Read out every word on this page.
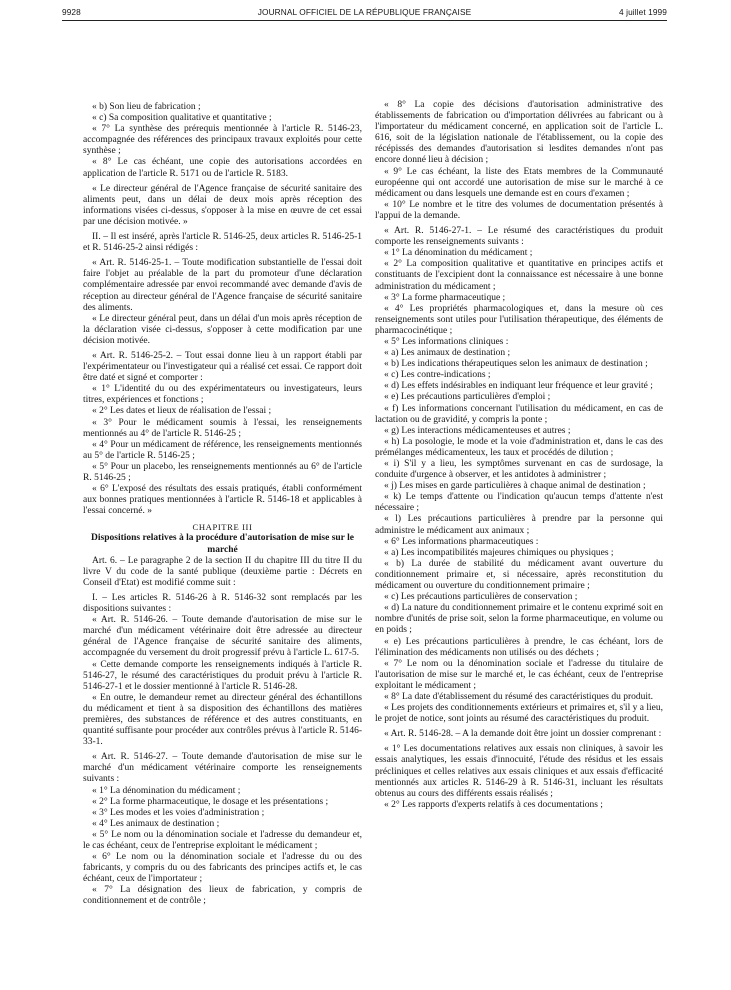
9928	JOURNAL OFFICIEL DE LA RÉPUBLIQUE FRANÇAISE	4 juillet 1999

« b) Son lieu de fabrication ;

« c) Sa composition qualitative et quantitative ;

« 7° La synthèse des prérequis mentionnée à l'article R. 5146-23, accompagnée des références des principaux travaux exploités pour cette synthèse ;

« 8° Le cas échéant, une copie des autorisations accordées en application de l'article R. 5171 ou de l'article R. 5183.

« Le directeur général de l'Agence française de sécurité sanitaire des aliments peut, dans un délai de deux mois après réception des informations visées ci-dessus, s'opposer à la mise en œuvre de cet essai par une décision motivée. »

II. – Il est inséré, après l'article R. 5146-25, deux articles R. 5146-25-1 et R. 5146-25-2 ainsi rédigés :

« Art. R. 5146-25-1. – Toute modification substantielle de l'essai doit faire l'objet au préalable de la part du promoteur d'une déclaration complémentaire adressée par envoi recommandé avec demande d'avis de réception au directeur général de l'Agence française de sécurité sanitaire des aliments.

« Le directeur général peut, dans un délai d'un mois après réception de la déclaration visée ci-dessus, s'opposer à cette modification par une décision motivée.

« Art. R. 5146-25-2. – Tout essai donne lieu à un rapport établi par l'expérimentateur ou l'investigateur qui a réalisé cet essai. Ce rapport doit être daté et signé et comporter :

« 1° L'identité du ou des expérimentateurs ou investigateurs, leurs titres, expériences et fonctions ;

« 2° Les dates et lieux de réalisation de l'essai ;

« 3° Pour le médicament soumis à l'essai, les renseignements mentionnés au 4° de l'article R. 5146-25 ;

« 4° Pour un médicament de référence, les renseignements mentionnés au 5° de l'article R. 5146-25 ;

« 5° Pour un placebo, les renseignements mentionnés au 6° de l'article R. 5146-25 ;

« 6° L'exposé des résultats des essais pratiqués, établi conformément aux bonnes pratiques mentionnées à l'article R. 5146-18 et applicables à l'essai concerné. »

CHAPITRE III

Dispositions relatives à la procédure d'autorisation de mise sur le marché

Art. 6. – Le paragraphe 2 de la section II du chapitre III du titre II du livre V du code de la santé publique (deuxième partie : Décrets en Conseil d'Etat) est modifié comme suit :

I. – Les articles R. 5146-26 à R. 5146-32 sont remplacés par les dispositions suivantes :

« Art. R. 5146-26. – Toute demande d'autorisation de mise sur le marché d'un médicament vétérinaire doit être adressée au directeur général de l'Agence française de sécurité sanitaire des aliments, accompagnée du versement du droit progressif prévu à l'article L. 617-5.

« Cette demande comporte les renseignements indiqués à l'article R. 5146-27, le résumé des caractéristiques du produit prévu à l'article R. 5146-27-1 et le dossier mentionné à l'article R. 5146-28.

« En outre, le demandeur remet au directeur général des échantillons du médicament et tient à sa disposition des échantillons des matières premières, des substances de référence et des autres constituants, en quantité suffisante pour procéder aux contrôles prévus à l'article R. 5146-33-1.

« Art. R. 5146-27. – Toute demande d'autorisation de mise sur le marché d'un médicament vétérinaire comporte les renseignements suivants :

« 1° La dénomination du médicament ;

« 2° La forme pharmaceutique, le dosage et les présentations ;

« 3° Les modes et les voies d'administration ;

« 4° Les animaux de destination ;

« 5° Le nom ou la dénomination sociale et l'adresse du demandeur et, le cas échéant, ceux de l'entreprise exploitant le médicament ;

« 6° Le nom ou la dénomination sociale et l'adresse du ou des fabricants, y compris du ou des fabricants des principes actifs et, le cas échéant, ceux de l'importateur ;

« 7° La désignation des lieux de fabrication, y compris de conditionnement et de contrôle ;

« 8° La copie des décisions d'autorisation administrative des établissements de fabrication ou d'importation délivrées au fabricant ou à l'importateur du médicament concerné, en application soit de l'article L. 616, soit de la législation nationale de l'établissement, ou la copie des récépissés des demandes d'autorisation si lesdites demandes n'ont pas encore donné lieu à décision ;

« 9° Le cas échéant, la liste des Etats membres de la Communauté européenne qui ont accordé une autorisation de mise sur le marché à ce médicament ou dans lesquels une demande est en cours d'examen ;

« 10° Le nombre et le titre des volumes de documentation présentés à l'appui de la demande.

« Art. R. 5146-27-1. – Le résumé des caractéristiques du produit comporte les renseignements suivants :

« 1° La dénomination du médicament ;

« 2° La composition qualitative et quantitative en principes actifs et constituants de l'excipient dont la connaissance est nécessaire à une bonne administration du médicament ;

« 3° La forme pharmaceutique ;

« 4° Les propriétés pharmacologiques et, dans la mesure où ces renseignements sont utiles pour l'utilisation thérapeutique, des éléments de pharmacocinétique ;

« 5° Les informations cliniques :

« a) Les animaux de destination ;

« b) Les indications thérapeutiques selon les animaux de destination ;

« c) Les contre-indications ;

« d) Les effets indésirables en indiquant leur fréquence et leur gravité ;

« e) Les précautions particulières d'emploi ;

« f) Les informations concernant l'utilisation du médicament, en cas de lactation ou de gravidité, y compris la ponte ;

« g) Les interactions médicamenteuses et autres ;

« h) La posologie, le mode et la voie d'administration et, dans le cas des prémélanges médicamenteux, les taux et procédés de dilution ;

« i) S'il y a lieu, les symptômes survenant en cas de surdosage, la conduite d'urgence à observer, et les antidotes à administrer ;

« j) Les mises en garde particulières à chaque animal de destination ;

« k) Le temps d'attente ou l'indication qu'aucun temps d'attente n'est nécessaire ;

« l) Les précautions particulières à prendre par la personne qui administre le médicament aux animaux ;

« 6° Les informations pharmaceutiques :

« a) Les incompatibilités majeures chimiques ou physiques ;

« b) La durée de stabilité du médicament avant ouverture du conditionnement primaire et, si nécessaire, après reconstitution du médicament ou ouverture du conditionnement primaire ;

« c) Les précautions particulières de conservation ;

« d) La nature du conditionnement primaire et le contenu exprimé soit en nombre d'unités de prise soit, selon la forme pharmaceutique, en volume ou en poids ;

« e) Les précautions particulières à prendre, le cas échéant, lors de l'élimination des médicaments non utilisés ou des déchets ;

« 7° Le nom ou la dénomination sociale et l'adresse du titulaire de l'autorisation de mise sur le marché et, le cas échéant, ceux de l'entreprise exploitant le médicament ;

« 8° La date d'établissement du résumé des caractéristiques du produit.

« Les projets des conditionnements extérieurs et primaires et, s'il y a lieu, le projet de notice, sont joints au résumé des caractéristiques du produit.

« Art. R. 5146-28. – A la demande doit être joint un dossier comprenant :

« 1° Les documentations relatives aux essais non cliniques, à savoir les essais analytiques, les essais d'innocuité, l'étude des résidus et les essais précliniques et celles relatives aux essais cliniques et aux essais d'efficacité mentionnés aux articles R. 5146-29 à R. 5146-31, incluant les résultats obtenus au cours des différents essais réalisés ;

« 2° Les rapports d'experts relatifs à ces documentations ;
